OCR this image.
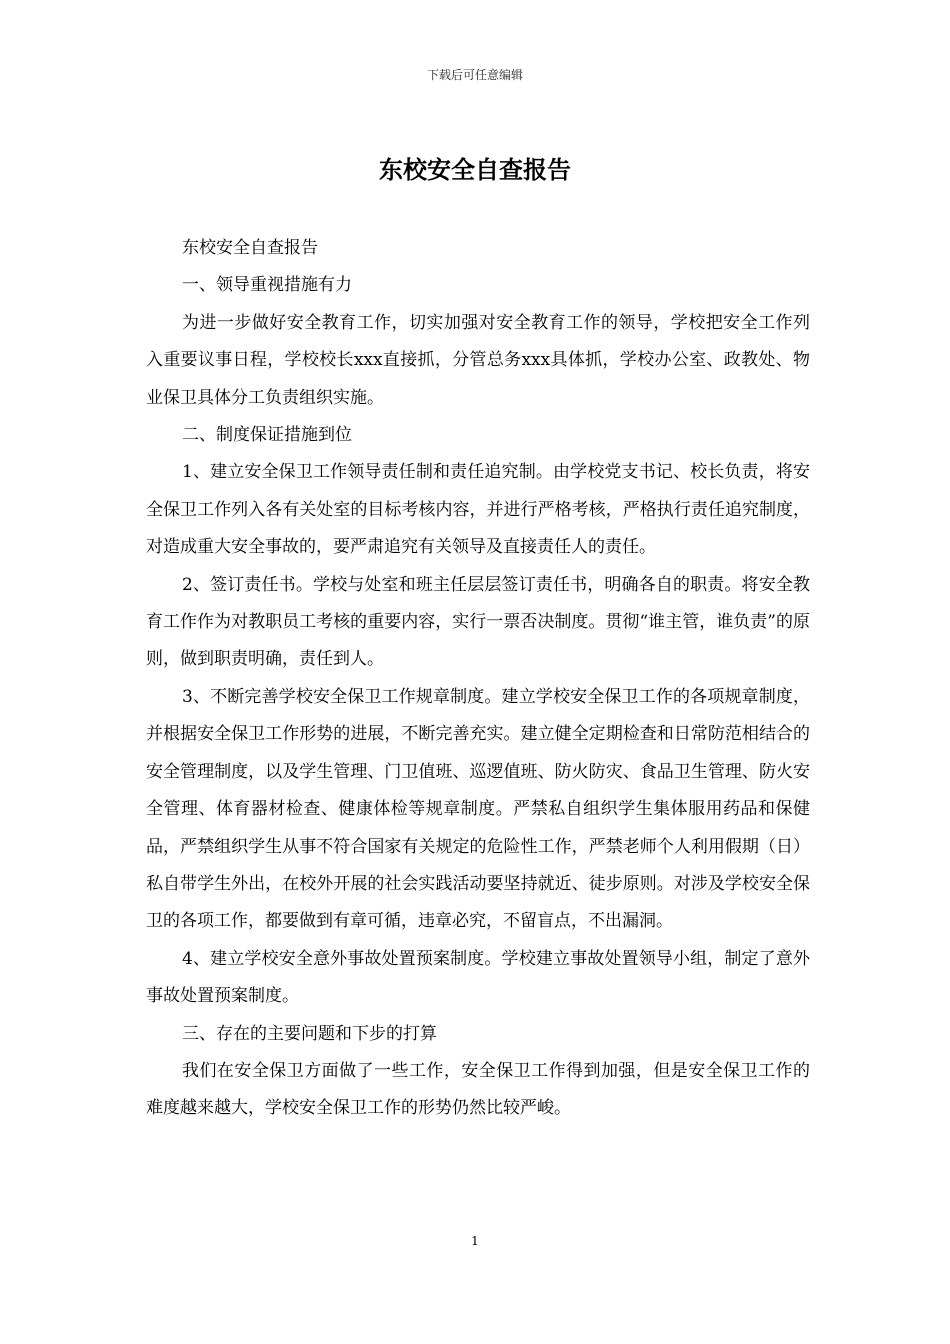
下载后可任意编辑
东校安全自查报告

东校安全自查报告

一、领导重视措施有力

为进一步做好安全教育工作，切实加强对安全教育工作的领导，学校把安全工作列入重要议事日程，学校校长xxx直接抓，分管总务xxx具体抓，学校办公室、政教处、物业保卫具体分工负责组织实施。

二、制度保证措施到位

1、建立安全保卫工作领导责任制和责任追究制。由学校党支书记、校长负责，将安全保卫工作列入各有关处室的目标考核内容，并进行严格考核，严格执行责任追究制度，对造成重大安全事故的，要严肃追究有关领导及直接责任人的责任。

2、签订责任书。学校与处室和班主任层层签订责任书，明确各自的职责。将安全教育工作作为对教职员工考核的重要内容，实行一票否决制度。贯彻“谁主管，谁负责”的原则，做到职责明确，责任到人。

3、不断完善学校安全保卫工作规章制度。建立学校安全保卫工作的各项规章制度，并根据安全保卫工作形势的进展，不断完善充实。建立健全定期检查和日常防范相结合的安全管理制度，以及学生管理、门卫值班、巡逻值班、防火防灾、食品卫生管理、防火安全管理、体育器材检查、健康体检等规章制度。严禁私自组织学生集体服用药品和保健品，严禁组织学生从事不符合国家有关规定的危险性工作，严禁老师个人利用假期（日）私自带学生外出，在校外开展的社会实践活动要坚持就近、徒步原则。对涉及学校安全保卫的各项工作，都要做到有章可循，违章必究，不留盲点，不出漏洞。

4、建立学校安全意外事故处置预案制度。学校建立事故处置领导小组，制定了意外事故处置预案制度。

三、存在的主要问题和下步的打算

我们在安全保卫方面做了一些工作，安全保卫工作得到加强，但是安全保卫工作的难度越来越大，学校安全保卫工作的形势仍然比较严峻。

1
